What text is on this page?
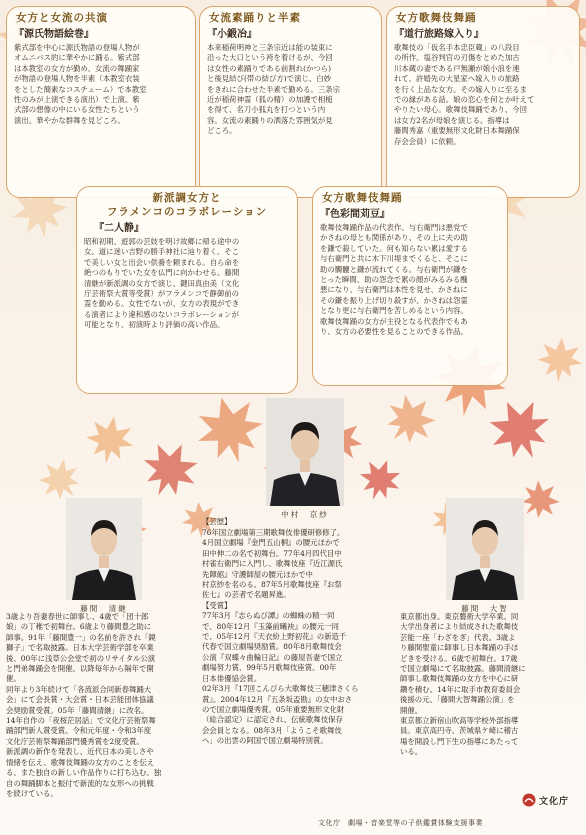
女方と女流の共演
『源氏物語絵巻』
紫式部を中心に源氏物語の登場人物が
オムニバス的に華やかに踊る。紫式部
は本教室の女方が勤め、女流の舞踊家
が物語の登場人物を半素（本教室衣装
をとした簡素なコスチューム）で本教室
性のみが上演できる演出）で上演。紫
式部の想像の中にいる女性たちという
演出。華やかな群舞を見どころ。
女流素踊りと半素
『小鍛冶』
本来稲荷明神と三条宗近は能の装束に
沿った大口という袴を着けるが、今回
は女性の素踊りである前割れ(かつら)
と後見結び(帯の結び方)で演じ、白妙
をきれに合わせた半素で勤める。三条宗
近が稲荷神霊（狐の精）の加護で相槌
を得て、名刀小狐丸を打つという内
容。女流の素踊りの洒落た雰囲気が見
どころ。
女方歌舞伎舞踊
『道行旅路嫁入り』
歌舞伎の「仮名手本忠臣蔵」の八段目
の所作。塩谷判官の刃傷をとめた加古
川本蔵の妻である戸無瀬が娘小浪を連
れて、許婚先の大星家へ嫁入りの旅路
を行く上品な女方。その嫁入りに至るま
での縁がある話。娘の恋心を何とか叶えて
やりたい母心。歌舞伎舞踊であり、今回
は女方2名が母娘を演じる。指導は
藤間秀嘉（重要無形文化財日本舞踊保
存会会員）に依頼。
新派調女方と
フラメンコのコラボレーション
『二人静』
昭和初期、遊郭の芸妓を明け故郷に帰る途中の
女。道に迷い吉野の勝手神社に辿り着く。そこ
で美しい女と出会い供養を頼まれる。自ら命を
絶つのもりでいた女を仏門に向かわせる。藤間
清継が新派調の女方で演じ、鍵田真由美（文化
庁芸術祭大賞等受賞）がフラメンコで静御前の
霊を勤める。女性でないが、女方の表現ができ
る演者により違和感のないコラボレーションが
可能となり、初演時より評価の高い作品。
女方歌舞伎舞踊
『色彩間苅豆』
歌舞伎舞踊作品の代表作。与右衛門は悪党で
かさねの母とも関係があり、その上に夫の助
を鎌で殺していた。何も知らない累は愛する
与右衛門と共に木下川堤までくると、そこに
助の髑髏と鎌が流れてくる。与右衛門が鎌を
とった瞬間、助の怨念で累の顔がみるみる醜
悪になり、与右衛門は本性を見せ、かさねに
その鎌を振り上げ切り殺すが、かさねは怨霊
となり更に与右衛門を苦しめるという内容。
歌舞伎舞踊の女方が主役となる代表作でもあ
り、女方の必要性を見ることのできる作品。
藤間　清継
中村　京紗
藤間　大智
3歳より吾妻春世に師事し、4歳で「団十郎
娘」の丁稚で初舞台。6歳より藤間豊之助に
師事。91年「藤間豊一」の名前を許され「鏡
獅子」で名取披露。日本大学芸術学部を卒業
後、00年に浅草公会堂で初のリサイタル公演
と門弟舞踊会を開催。以降毎年から隔年で開
催。
同年より3年続けて「各流派合同新春舞踊大
会」にて会長賞・大会賞・日本芸能団体協議
会奨励賞受賞。05年「藤間清継」に改名。
14年自作の「夜桜茫居話」で文化庁芸術祭舞
踊部門新人賞受賞。令和元年度・令和3年度
文化庁芸術祭舞踊部門優秀賞を2度受賞。
新派調の新作を発表し、近代日本の美しさや
情緒を伝え、歌舞伎舞踊の女方のことを伝え
る、また独自の新しい作品作りに打ち込む。独
自の舞踊脚本と振付で新流的な女形への挑戦
を続けている。
【芸歴】
76年国立劇場第三期歌舞伎俳優研修修了。
4月国立劇場『金門五山桐』の腰元ほかで
田中伸二の名で初舞台。77年4月四代目中
村雀右衛門に入門し、歌舞伎座『近江源氏
先陣館』守護師屋の腰元ほかで中
村京紗を名のる。87年5月歌舞伎座『お祭
佐七』の芸者で名題昇進。
【受賞】
77年3月『志らぬび譚』の蜘蛛の精一同
で、80年12月『玉藻前曦袂』の腰元一同
で、05年12月『天衣紛上野初花』の新造千
代春で国立劇場奨励賞。80年8月歌舞伎会
公演『双蝶々曲輪日記』の藤屋吾妻で国立
劇場努力賞、99年5月歌舞伎座賞。00年
日本俳優協会賞。
02年3月『17回こんぴら大歌舞伎三穂津さくら
賞』。2004年12月『五条坂盃勘』の女中おさ
ので国立劇場優秀賞。05年重要無形文化財
（総合認定）に認定され、伝統歌舞伎保存
会会員となる。08年3月「ようこそ歌舞伎
へ」の出雲の阿国で国立劇場特別賞。
東京都出身。東京藝術大学卒業。同
大学出身者により結成された歌舞伎
芸能一座「わざをぎ」代表。3歳よ
り藤間聖童に師事し日本舞踊の手ほ
どきを受ける。6歳で初舞台。17歳
で国立劇場にて名取披露。藤間清継に
師事し歌舞伎舞踊の女方を中心に研
鑽を積む。14年に取手市教育委員会
後援の元、「藤間大智舞踊公演」を
開催。
東京都立新宿山吹高等学校外部指導
員。東京高円寺、茨城県ケ崎に稽古
場を開設し門下生の指導にあたって
いる。
文化庁　劇場・音楽堂等の子供鑑賞体験支援事業
文化庁
